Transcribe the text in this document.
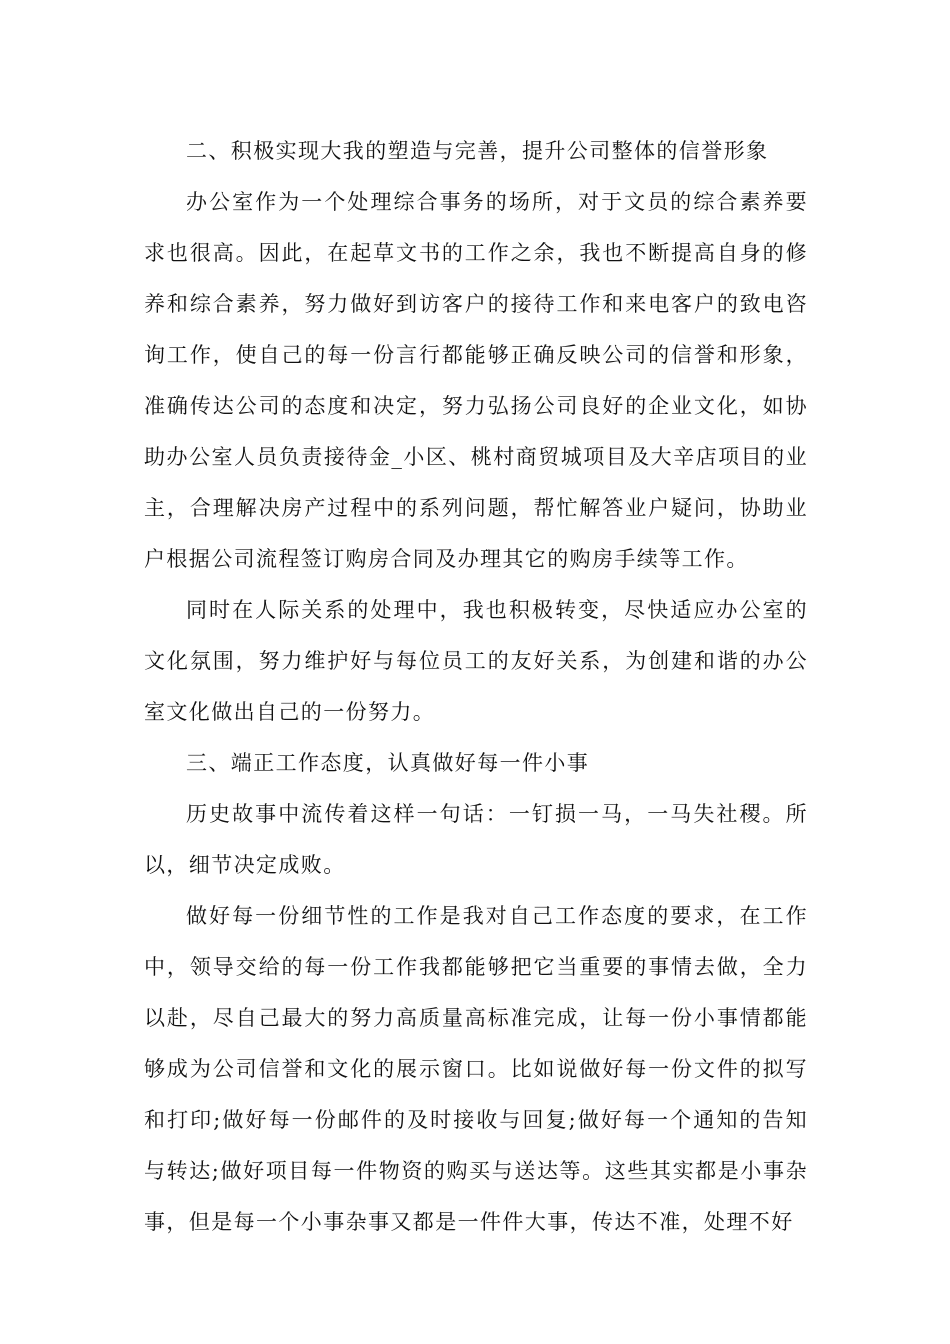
二、积极实现大我的塑造与完善，提升公司整体的信誉形象

办公室作为一个处理综合事务的场所，对于文员的综合素养要求也很高。因此，在起草文书的工作之余，我也不断提高自身的修养和综合素养，努力做好到访客户的接待工作和来电客户的致电咨询工作，使自己的每一份言行都能够正确反映公司的信誉和形象，准确传达公司的态度和决定，努力弘扬公司良好的企业文化，如协助办公室人员负责接待金_小区、桃村商贸城项目及大辛店项目的业主，合理解决房产过程中的系列问题，帮忙解答业户疑问，协助业户根据公司流程签订购房合同及办理其它的购房手续等工作。

同时在人际关系的处理中，我也积极转变，尽快适应办公室的文化氛围，努力维护好与每位员工的友好关系，为创建和谐的办公室文化做出自己的一份努力。

三、端正工作态度，认真做好每一件小事

历史故事中流传着这样一句话：一钉损一马，一马失社稷。所以，细节决定成败。

做好每一份细节性的工作是我对自己工作态度的要求，在工作中，领导交给的每一份工作我都能够把它当重要的事情去做，全力以赴，尽自己最大的努力高质量高标准完成，让每一份小事情都能够成为公司信誉和文化的展示窗口。比如说做好每一份文件的拟写和打印;做好每一份邮件的及时接收与回复;做好每一个通知的告知与转达;做好项目每一件物资的购买与送达等。这些其实都是小事杂事，但是每一个小事杂事又都是一件件大事，传达不准，处理不好
